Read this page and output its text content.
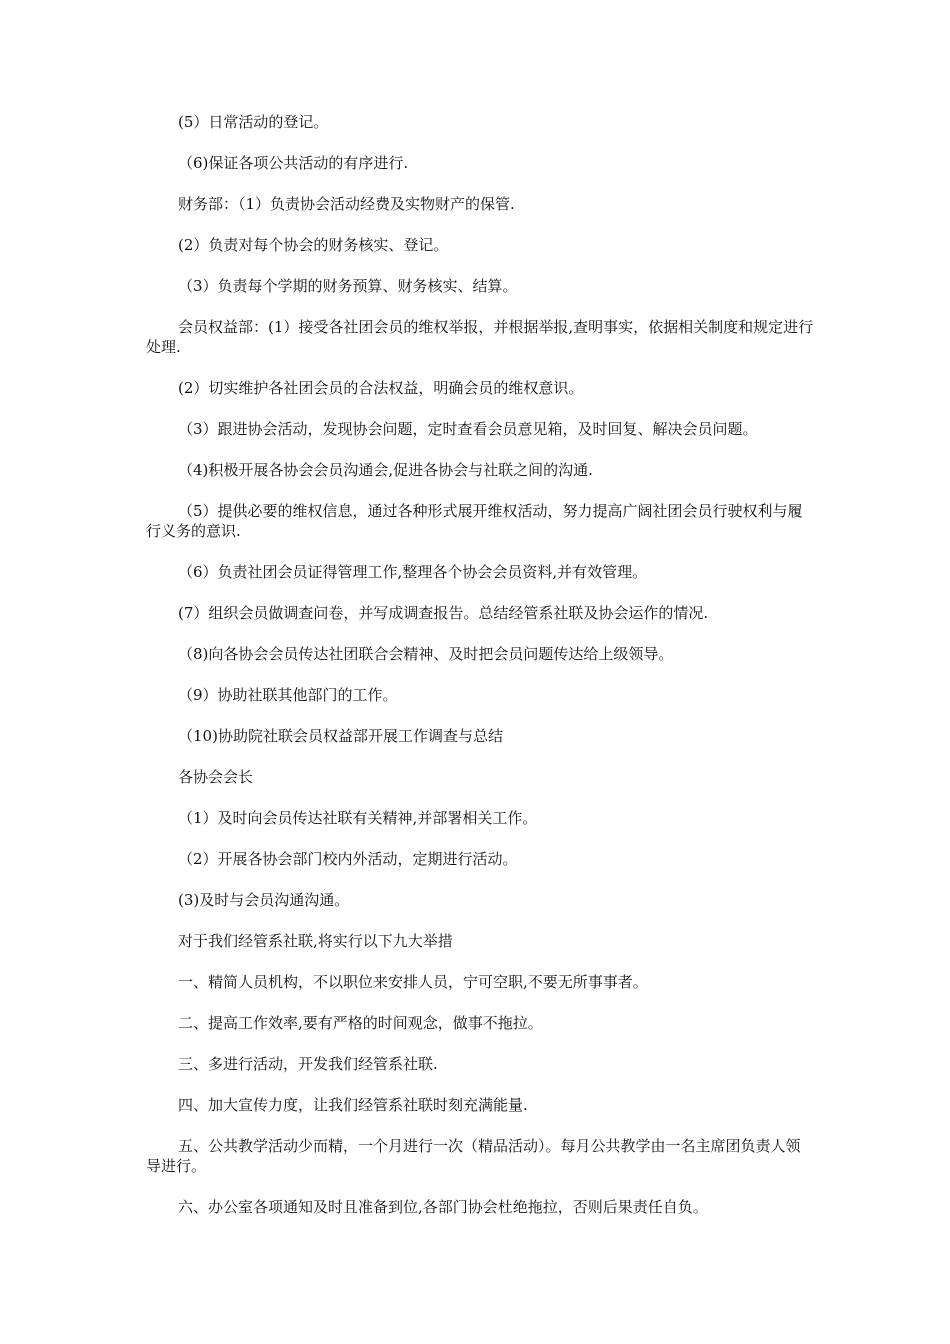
(5）日常活动的登记。

（6)保证各项公共活动的有序进行.

财务部：（1）负责协会活动经费及实物财产的保管.

(2）负责对每个协会的财务核实、登记。

（3）负责每个学期的财务预算、财务核实、结算。

会员权益部：(1）接受各社团会员的维权举报，并根据举报,查明事实，依据相关制度和规定进行处理.

(2）切实维护各社团会员的合法权益，明确会员的维权意识。

（3）跟进协会活动，发现协会问题，定时查看会员意见箱，及时回复、解决会员问题。

（4)积极开展各协会会员沟通会,促进各协会与社联之间的沟通.

（5）提供必要的维权信息，通过各种形式展开维权活动，努力提高广阔社团会员行驶权利与履行义务的意识.

（6）负责社团会员证得管理工作,整理各个协会会员资料,并有效管理。

(7）组织会员做调查问卷，并写成调查报告。总结经管系社联及协会运作的情况.

（8)向各协会会员传达社团联合会精神、及时把会员问题传达给上级领导。

（9）协助社联其他部门的工作。

（10)协助院社联会员权益部开展工作调查与总结

各协会会长

（1）及时向会员传达社联有关精神,并部署相关工作。

（2）开展各协会部门校内外活动，定期进行活动。

(3)及时与会员沟通沟通。

对于我们经管系社联,将实行以下九大举措

一、精简人员机构，不以职位来安排人员，宁可空职,不要无所事事者。

二、提高工作效率,要有严格的时间观念，做事不拖拉。

三、多进行活动，开发我们经管系社联.

四、加大宣传力度，让我们经管系社联时刻充满能量.

五、公共教学活动少而精，一个月进行一次（精品活动）。每月公共教学由一名主席团负责人领导进行。

六、办公室各项通知及时且准备到位,各部门协会杜绝拖拉，否则后果责任自负。
